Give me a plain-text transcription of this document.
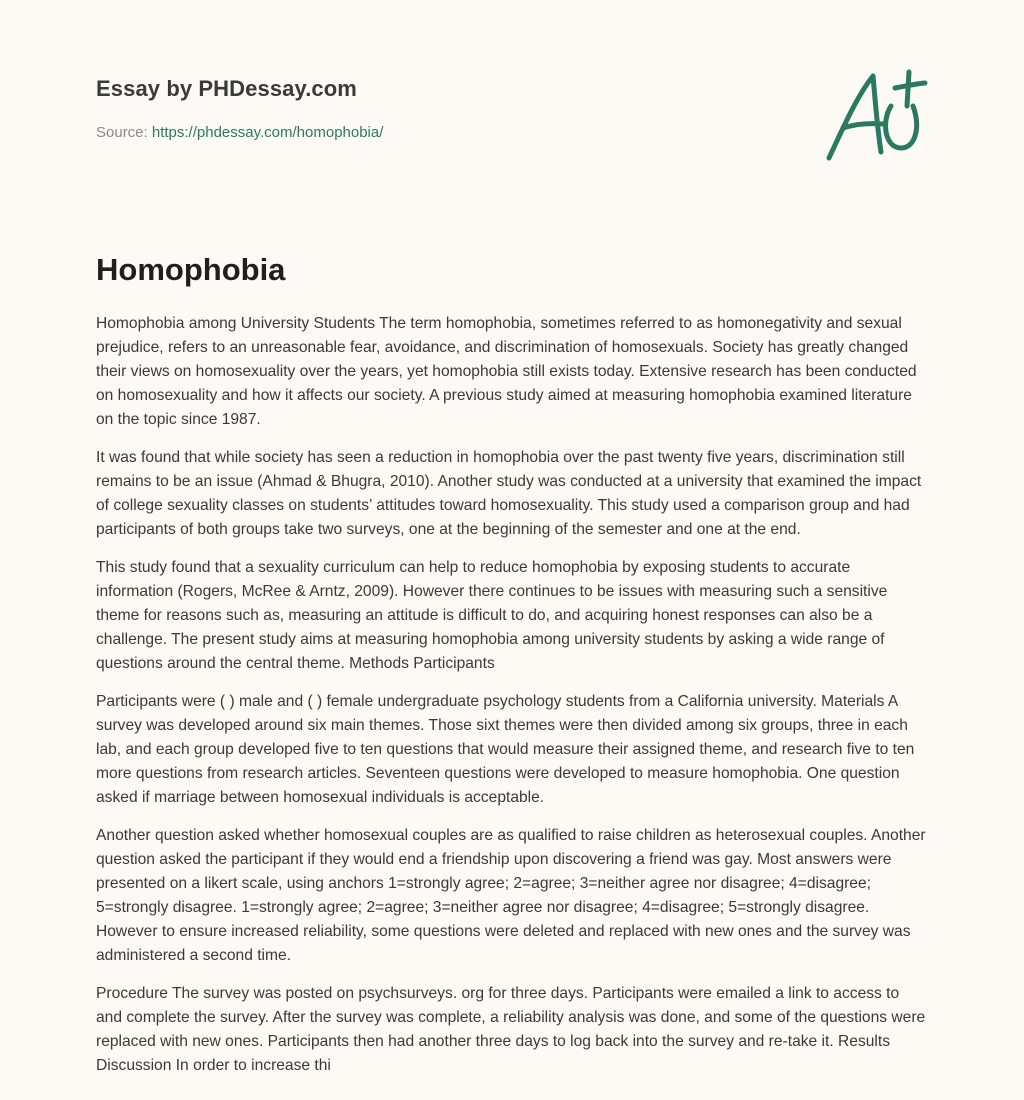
Essay by PHDessay.com
Source: https://phdessay.com/homophobia/
Homophobia

Homophobia among University Students The term homophobia, sometimes referred to as homonegativity and sexual prejudice, refers to an unreasonable fear, avoidance, and discrimination of homosexuals. Society has greatly changed their views on homosexuality over the years, yet homophobia still exists today. Extensive research has been conducted on homosexuality and how it affects our society. A previous study aimed at measuring homophobia examined literature on the topic since 1987.

It was found that while society has seen a reduction in homophobia over the past twenty five years, discrimination still remains to be an issue (Ahmad & Bhugra, 2010). Another study was conducted at a university that examined the impact of college sexuality classes on students’ attitudes toward homosexuality. This study used a comparison group and had participants of both groups take two surveys, one at the beginning of the semester and one at the end.

This study found that a sexuality curriculum can help to reduce homophobia by exposing students to accurate information (Rogers, McRee & Arntz, 2009). However there continues to be issues with measuring such a sensitive theme for reasons such as, measuring an attitude is difficult to do, and acquiring honest responses can also be a challenge. The present study aims at measuring homophobia among university students by asking a wide range of questions around the central theme. Methods Participants

Participants were ( ) male and ( ) female undergraduate psychology students from a California university. Materials A survey was developed around six main themes. Those sixt themes were then divided among six groups, three in each lab, and each group developed five to ten questions that would measure their assigned theme, and research five to ten more questions from research articles. Seventeen questions were developed to measure homophobia. One question asked if marriage between homosexual individuals is acceptable.

Another question asked whether homosexual couples are as qualified to raise children as heterosexual couples. Another question asked the participant if they would end a friendship upon discovering a friend was gay. Most answers were presented on a likert scale, using anchors 1=strongly agree; 2=agree; 3=neither agree nor disagree; 4=disagree; 5=strongly disagree. 1=strongly agree; 2=agree; 3=neither agree nor disagree; 4=disagree; 5=strongly disagree. However to ensure increased reliability, some questions were deleted and replaced with new ones and the survey was administered a second time.

Procedure The survey was posted on psychsurveys. org for three days. Participants were emailed a link to access to and complete the survey. After the survey was complete, a reliability analysis was done, and some of the questions were replaced with new ones. Participants then had another three days to log back into the survey and re-take it. Results Discussion In order to increase thi
